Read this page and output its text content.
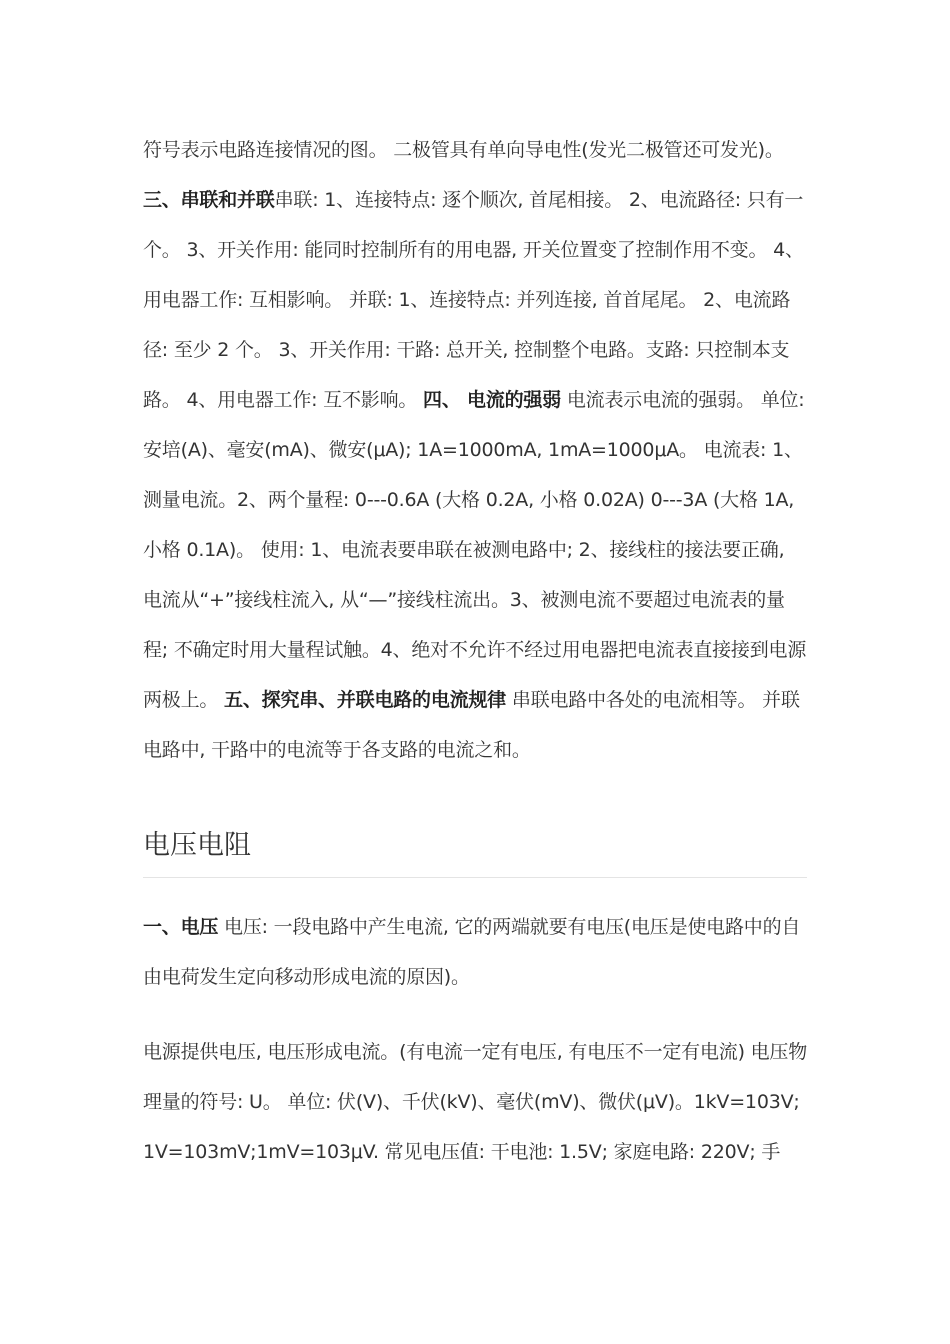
符号表示电路连接情况的图。 二极管具有单向导电性(发光二极管还可发光)。
三、串联和并联串联: 1、连接特点: 逐个顺次, 首尾相接。 2、电流路径: 只有一个。 3、开关作用: 能同时控制所有的用电器, 开关位置变了控制作用不变。 4、用电器工作: 互相影响。 并联: 1、连接特点: 并列连接, 首首尾尾。 2、电流路径: 至少 2 个。 3、开关作用: 干路: 总开关, 控制整个电路。支路: 只控制本支路。 4、用电器工作: 互不影响。 四、 电流的强弱 电流表示电流的强弱。 单位: 安培(A)、毫安(mA)、微安(μA); 1A=1000mA, 1mA=1000μA。 电流表: 1、测量电流。2、两个量程: 0---0.6A (大格 0.2A, 小格 0.02A) 0---3A (大格 1A, 小格 0.1A)。 使用: 1、电流表要串联在被测电路中; 2、接线柱的接法要正确, 电流从“+”接线柱流入, 从“—”接线柱流出。3、被测电流不要超过电流表的量程; 不确定时用大量程试触。4、绝对不允许不经过用电器把电流表直接接到电源两极上。 五、探究串、并联电路的电流规律 串联电路中各处的电流相等。 并联电路中, 干路中的电流等于各支路的电流之和。

电压电阻

一、电压 电压: 一段电路中产生电流, 它的两端就要有电压(电压是使电路中的自由电荷发生定向移动形成电流的原因)。

电源提供电压, 电压形成电流。(有电流一定有电压, 有电压不一定有电流) 电压物理量的符号: U。 单位: 伏(V)、千伏(kV)、毫伏(mV)、微伏(μV)。1kV=103V; 1V=103mV;1mV=103μV. 常见电压值: 干电池: 1.5V; 家庭电路: 220V; 手
